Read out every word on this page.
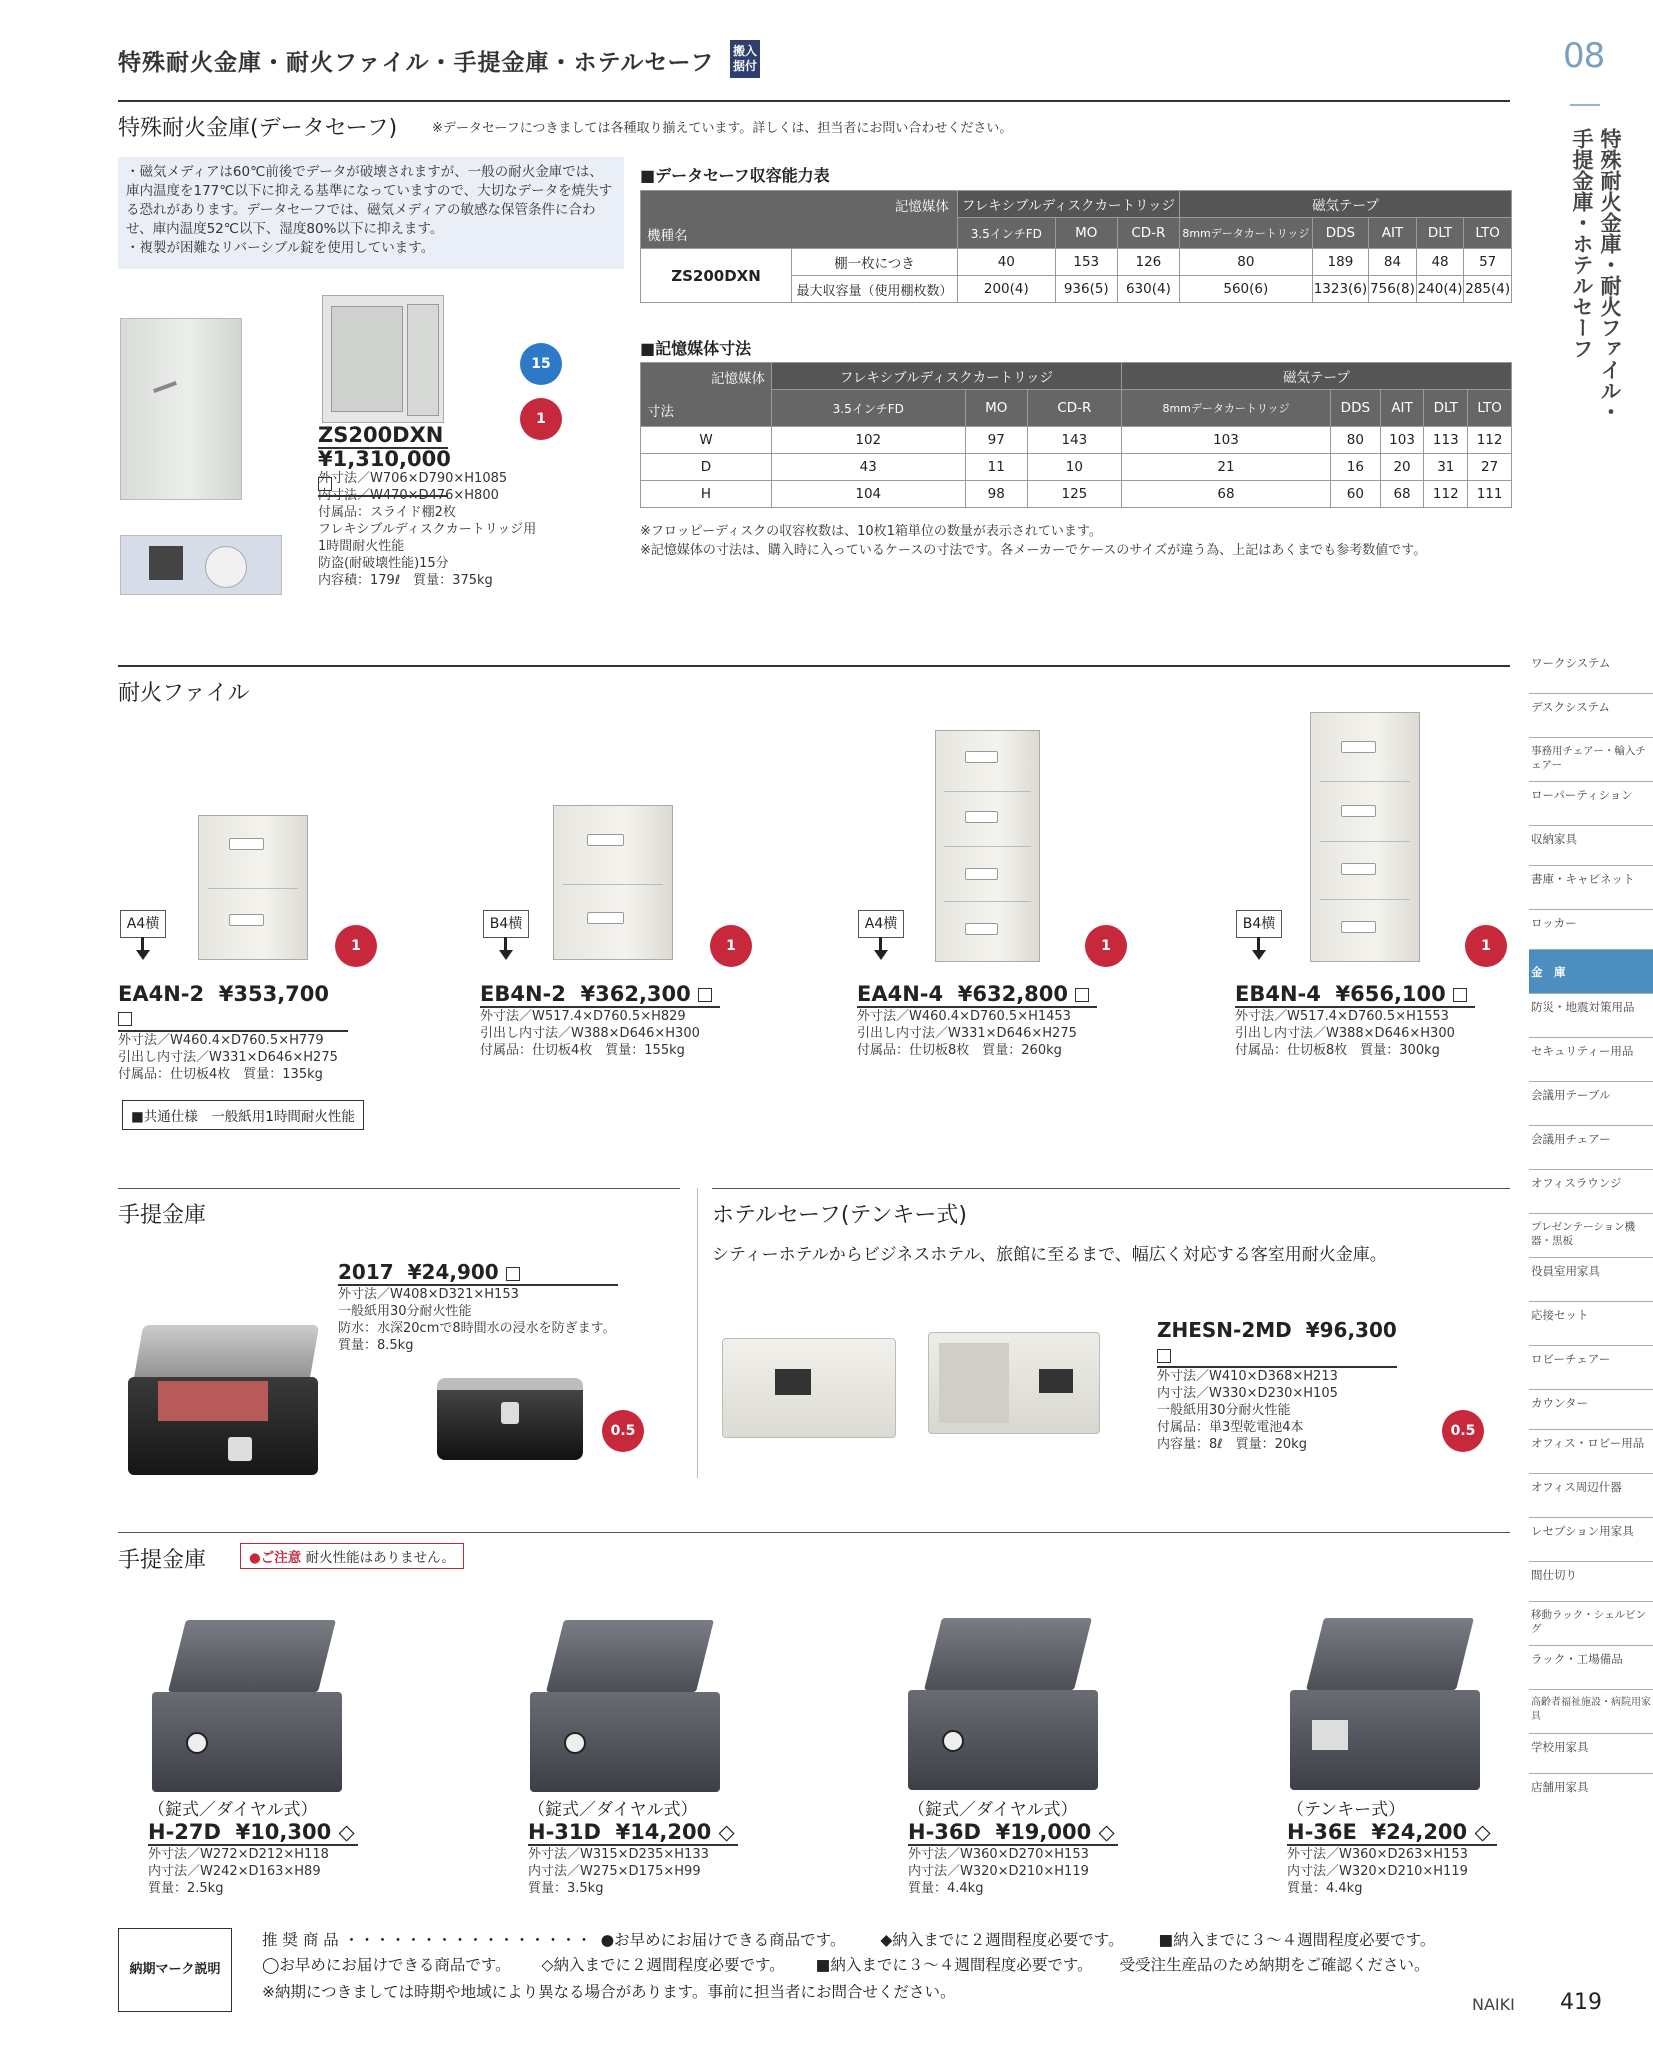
特殊耐火金庫・耐火ファイル・手提金庫・ホテルセーフ 搬入据付	08
特殊耐火金庫・耐火ファイル・
手提金庫・ホテルセーフ
特殊耐火金庫(データセーフ)	※データセーフにつきましては各種取り揃えています。詳しくは、担当者にお問い合わせください。
・磁気メディアは60℃前後でデータが破壊されますが、一般の耐火金庫では、庫内温度を177℃以下に抑える基準になっていますので、大切なデータを焼失する恐れがあります。データセーフでは、磁気メディアの敏感な保管条件に合わせ、庫内温度52℃以下、湿度80%以下に抑えます。
・複製が困難なリバーシブル錠を使用しています。
15
1
ZS200DXN
¥1,310,000
外寸法／W706×D790×H1085
内寸法／W470×D476×H800
付属品：スライド棚2枚
フレキシブルディスクカートリッジ用
1時間耐火性能
防盗(耐破壊性能)15分
内容積：179ℓ　質量：375kg
■データセーフ収容能力表
記憶媒体
機種名		フレキシブルディスクカートリッジ			磁気テープ				
		3.5インチFD	MO	CD-R	8mmデータカートリッジ	DDS	AIT	DLT	LTO
ZS200DXN	棚一枚につき	40	153	126	80	189	84	48	57
	最大収容量（使用棚枚数）	200(4)	936(5)	630(4)	560(6)	1323(6)	756(8)	240(4)	285(4)
■記憶媒体寸法
記憶媒体
寸法	フレキシブルディスクカートリッジ			磁気テープ				
	3.5インチFD	MO	CD-R	8mmデータカートリッジ	DDS	AIT	DLT	LTO
W	102	97	143	103	80	103	113	112
D	43	11	10	21	16	20	31	27
H	104	98	125	68	60	68	112	111
※フロッピーディスクの収容枚数は、10枚1箱単位の数量が表示されています。
※記憶媒体の寸法は、購入時に入っているケースの寸法です。各メーカーでケースのサイズが違う為、上記はあくまでも参考数値です。
耐火ファイル
A4横
1
B4横
1
A4横
1
B4横
1
EA4N-2 ¥353,700
外寸法／W460.4×D760.5×H779
引出し内寸法／W331×D646×H275
付属品：仕切板4枚　質量：135kg
EB4N-2 ¥362,300
外寸法／W517.4×D760.5×H829
引出し内寸法／W388×D646×H300
付属品：仕切板4枚　質量：155kg
EA4N-4 ¥632,800
外寸法／W460.4×D760.5×H1453
引出し内寸法／W331×D646×H275
付属品：仕切板8枚　質量：260kg
EB4N-4 ¥656,100
外寸法／W517.4×D760.5×H1553
引出し内寸法／W388×D646×H300
付属品：仕切板8枚　質量：300kg
■共通仕様　一般紙用1時間耐火性能
手提金庫
2017 ¥24,900
外寸法／W408×D321×H153
一般紙用30分耐火性能
防水：水深20cmで8時間水の浸水を防ぎます。
質量：8.5kg
0.5
ホテルセーフ(テンキー式)
シティーホテルからビジネスホテル、旅館に至るまで、幅広く対応する客室用耐火金庫。
ZHESN-2MD ¥96,300
外寸法／W410×D368×H213
内寸法／W330×D230×H105
一般紙用30分耐火性能
付属品：単3型乾電池4本
内容量：8ℓ　質量：20kg
0.5
手提金庫	●ご注意 耐火性能はありません。
（錠式／ダイヤル式）
H-27D ¥10,300 ◇
外寸法／W272×D212×H118
内寸法／W242×D163×H89
質量：2.5kg
（錠式／ダイヤル式）
H-31D ¥14,200 ◇
外寸法／W315×D235×H133
内寸法／W275×D175×H99
質量：3.5kg
（錠式／ダイヤル式）
H-36D ¥19,000 ◇
外寸法／W360×D270×H153
内寸法／W320×D210×H119
質量：4.4kg
（テンキー式）
H-36E ¥24,200 ◇
外寸法／W360×D263×H153
内寸法／W320×D210×H119
質量：4.4kg
ワークシステム
デスクシステム
事務用チェアー・輸入チェアー
ローパーティション
収納家具
書庫・キャビネット
ロッカー
金　庫
防災・地震対策用品
セキュリティー用品
会議用テーブル
会議用チェアー
オフィスラウンジ
プレゼンテーション機器・黒板
役員室用家具
応接セット
ロビーチェアー
カウンター
オフィス・ロビー用品
オフィス周辺什器
レセプション用家具
間仕切り
移動ラック・シェルビング
ラック・工場備品
高齢者福祉施設・病院用家具
学校用家具
店舗用家具
納期マーク説明
推 奨 商 品 ・・・・・・・・・・・・・・・・ ●お早めにお届けできる商品です。 ◆納入までに２週間程度必要です。 ■納入までに３～４週間程度必要です。
◯お早めにお届けできる商品です。 ◇納入までに２週間程度必要です。 ■納入までに３～４週間程度必要です。 受受注生産品のため納期をご確認ください。
※納期につきましては時期や地域により異なる場合があります。事前に担当者にお問合せください。
NAIKI 419
